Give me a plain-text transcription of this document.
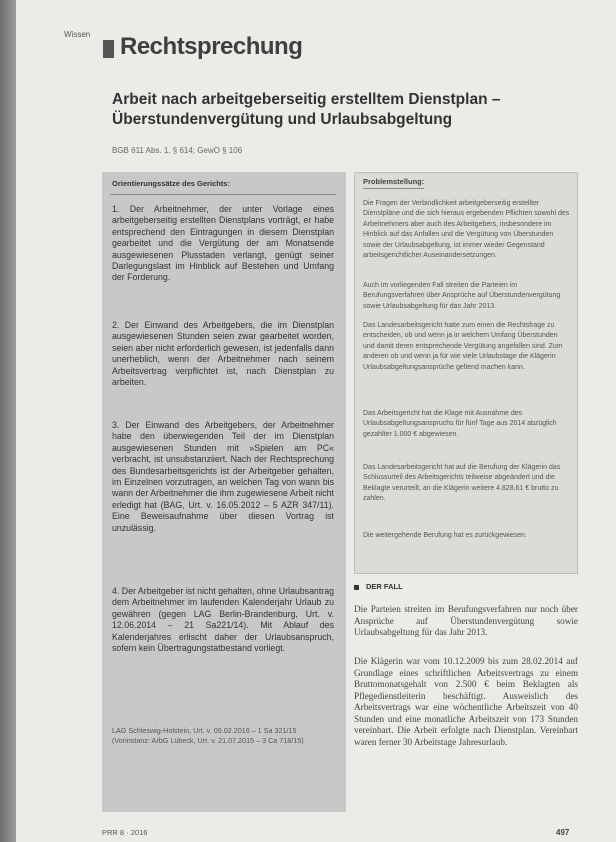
Wissen Rechtsprechung
Arbeit nach arbeitgeberseitig erstelltem Dienstplan – Überstundenvergütung und Urlaubsabgeltung
BGB 611 Abs. 1, § 614; GewO § 106
Orientierungssätze des Gerichts:
1. Der Arbeitnehmer, der unter Vorlage eines arbeitgeberseitig erstellten Dienstplans vorträgt, er habe entsprechend den Eintragungen in diesem Dienstplan gearbeitet und die Vergütung der am Monatsende ausgewiesenen Plusstaden verlangt, genügt seiner Darlegungslast im Hinblick auf Bestehen und Umfang der Forderung.
2. Der Einwand des Arbeitgebers, die im Dienstplan ausgewiesenen Stunden seien zwar gearbeitet worden, seien aber nicht erforderlich gewesen, ist jedenfalls dann unerheblich, wenn der Arbeitnehmer nach seinem Arbeitsvertrag verpflichtet ist, nach Dienstplan zu arbeiten.
3. Der Einwand des Arbeitgebers, der Arbeitnehmer habe den überwiegenden Teil der im Dienstplan ausgewiesenen Stunden mit »Spielen am PC« verbracht, ist unsubstanziiert. Nach der Rechtsprechung des Bundesarbeitsgerichts ist der Arbeitgeber gehalten, im Einzelnen vorzutragen, an welchen Tag von wann bis wann der Arbeitnehmer die ihm zugewiesene Arbeit nicht erledigt hat (BAG, Urt. v. 16.05.2012 – 5 AZR 347/11). Eine Beweisaufnahme über diesen Vortrag ist unzulässig.
4. Der Arbeitgeber ist nicht gehalten, ohne Urlaubsantrag dem Arbeitnehmer im laufenden Kalenderjahr Urlaub zu gewähren (gegen LAG Berlin-Brandenburg, Urt. v. 12.06.2014 – 21 Sa221/14). Mit Ablauf des Kalenderjahres erlischt daher der Urlaubsanspruch, sofern kein Übertragungstatbestand vorliegt.
LAG Schleswig-Holstein, Urt. v. 09.02.2016 – 1 Sa 321/15 (Vorinstanz: ArbG Lübeck, Urt. v. 21.07.2015 – 3 Ca 718/15)
Problemstellung:
Die Fragen der Verbindlichkeit arbeitgeberseitig erstellter Dienstpläne und die sich hieraus ergebenden Pflichten sowohl des Arbeitnehmers aber auch des Arbeitgebers, insbesondere im Hinblick auf das Anfallen und die Vergütung von Überstunden sowie der Urlaubsabgeltung, ist immer wieder Gegenstand arbeitsgerichtlicher Auseinandersetzungen.
Auch im vorliegenden Fall streiten die Parteien im Berufungsverfahren über Ansprüche auf Überstundenvergütung sowie Urlaubsabgeltung für das Jahr 2013.
Das Landesarbeitsgericht hatte zum einen die Rechtsfrage zu entscheiden, ob und wenn ja in welchem Umfang Überstunden und damit deren entsprechende Vergütung angefallen sind. Zum anderen ob und wenn ja für wie viele Urlaubstage die Klägerin Urlaubsabgeltungsansprüche geltend machen kann.
Das Arbeitsgericht hat die Klage mit Ausnahme des Urlaubsabgeltungsanspruchs für fünf Tage aus 2014 abzüglich gezahlter 1.000 € abgewiesen.
Das Landesarbeitsgericht hat auf die Berufung der Klägerin das Schlussurteil des Arbeitsgerichts teilweise abgeändert und die Beklagte verurteilt, an die Klägerin weitere 4.828,61 € brutto zu zahlen.
Die weitergehende Berufung hat es zurückgewiesen.
DER FALL
Die Parteien streiten im Berufungsverfahren nur noch über Ansprüche auf Überstundenvergütung sowie Urlaubsabgeltung für das Jahr 2013.
Die Klägerin war vom 10.12.2009 bis zum 28.02.2014 auf Grundlage eines schriftlichen Arbeitsvertrags zu einem Bruttomonatsgehalt von 2.500 € beim Beklagten als Pflegedienstleiterin beschäftigt. Ausweislich des Arbeitsvertrags war eine wöchentliche Arbeitszeit von 40 Stunden und eine monatliche Arbeitszeit von 173 Stunden vereinbart. Die Arbeit erfolgte nach Dienstplan. Vereinbart waren ferner 30 Arbeitstage Jahresurlaub.
PRR 8 · 2016	497
